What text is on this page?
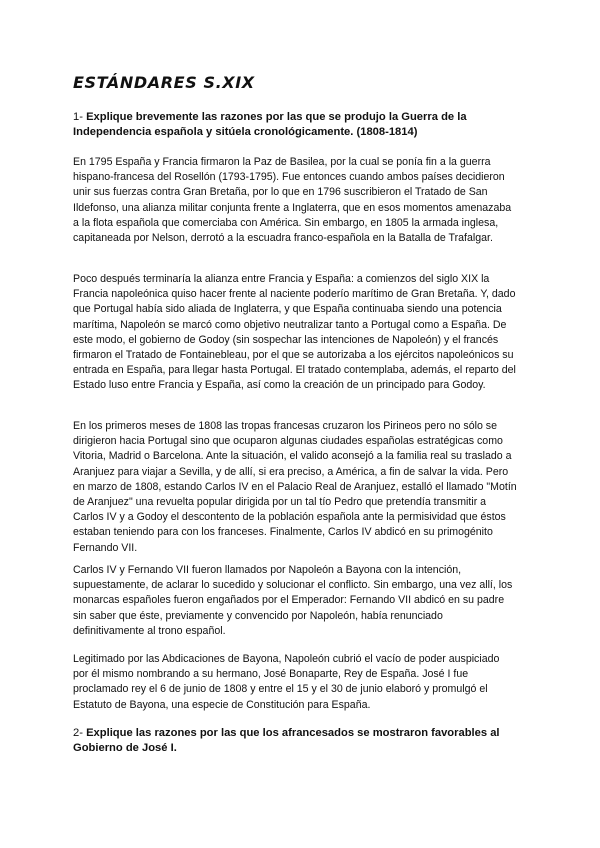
ESTÁNDARES S.XIX

1- Explique brevemente las razones por las que se produjo la Guerra de la Independencia española y sitúela cronológicamente. (1808-1814)

En 1795 España y Francia firmaron la Paz de Basilea, por la cual se ponía fin a la guerra hispano-francesa del Rosellón (1793-1795). Fue entonces cuando ambos países decidieron unir sus fuerzas contra Gran Bretaña, por lo que en 1796 suscribieron el Tratado de San Ildefonso, una alianza militar conjunta frente a Inglaterra, que en esos momentos amenazaba a la flota española que comerciaba con América. Sin embargo, en 1805 la armada inglesa, capitaneada por Nelson, derrotó a la escuadra franco-española en la Batalla de Trafalgar.

Poco después terminaría la alianza entre Francia y España: a comienzos del siglo XIX la Francia napoleónica quiso hacer frente al naciente poderío marítimo de Gran Bretaña. Y, dado que Portugal había sido aliada de Inglaterra, y que España continuaba siendo una potencia marítima, Napoleón se marcó como objetivo neutralizar tanto a Portugal como a España. De este modo, el gobierno de Godoy (sin sospechar las intenciones de Napoleón) y el francés firmaron el Tratado de Fontainebleau, por el que se autorizaba a los ejércitos napoleónicos su entrada en España, para llegar hasta Portugal. El tratado contemplaba, además, el reparto del Estado luso entre Francia y España, así como la creación de un principado para Godoy.

En los primeros meses de 1808 las tropas francesas cruzaron los Pirineos pero no sólo se dirigieron hacia Portugal sino que ocuparon algunas ciudades españolas estratégicas como Vitoria, Madrid o Barcelona. Ante la situación, el valido aconsejó a la familia real su traslado a Aranjuez para viajar a Sevilla, y de allí, si era preciso, a América, a fin de salvar la vida. Pero en marzo de 1808, estando Carlos IV en el Palacio Real de Aranjuez, estalló el llamado "Motín de Aranjuez" una revuelta popular dirigida por un tal tío Pedro que pretendía transmitir a Carlos IV y a Godoy el descontento de la población española ante la permisividad que éstos estaban teniendo para con los franceses. Finalmente, Carlos IV abdicó en su primogénito Fernando VII.

Carlos IV y Fernando VII fueron llamados por Napoleón a Bayona con la intención, supuestamente, de aclarar lo sucedido y solucionar el conflicto. Sin embargo, una vez allí, los monarcas españoles fueron engañados por el Emperador: Fernando VII abdicó en su padre sin saber que éste, previamente y convencido por Napoleón, había renunciado definitivamente al trono español.

Legitimado por las Abdicaciones de Bayona, Napoleón cubrió el vacío de poder auspiciado por él mismo nombrando a su hermano, José Bonaparte, Rey de España. José I fue proclamado rey el 6 de junio de 1808 y entre el 15 y el 30 de junio elaboró y promulgó el Estatuto de Bayona, una especie de Constitución para España.

2- Explique las razones por las que los afrancesados se mostraron favorables al Gobierno de José I.
